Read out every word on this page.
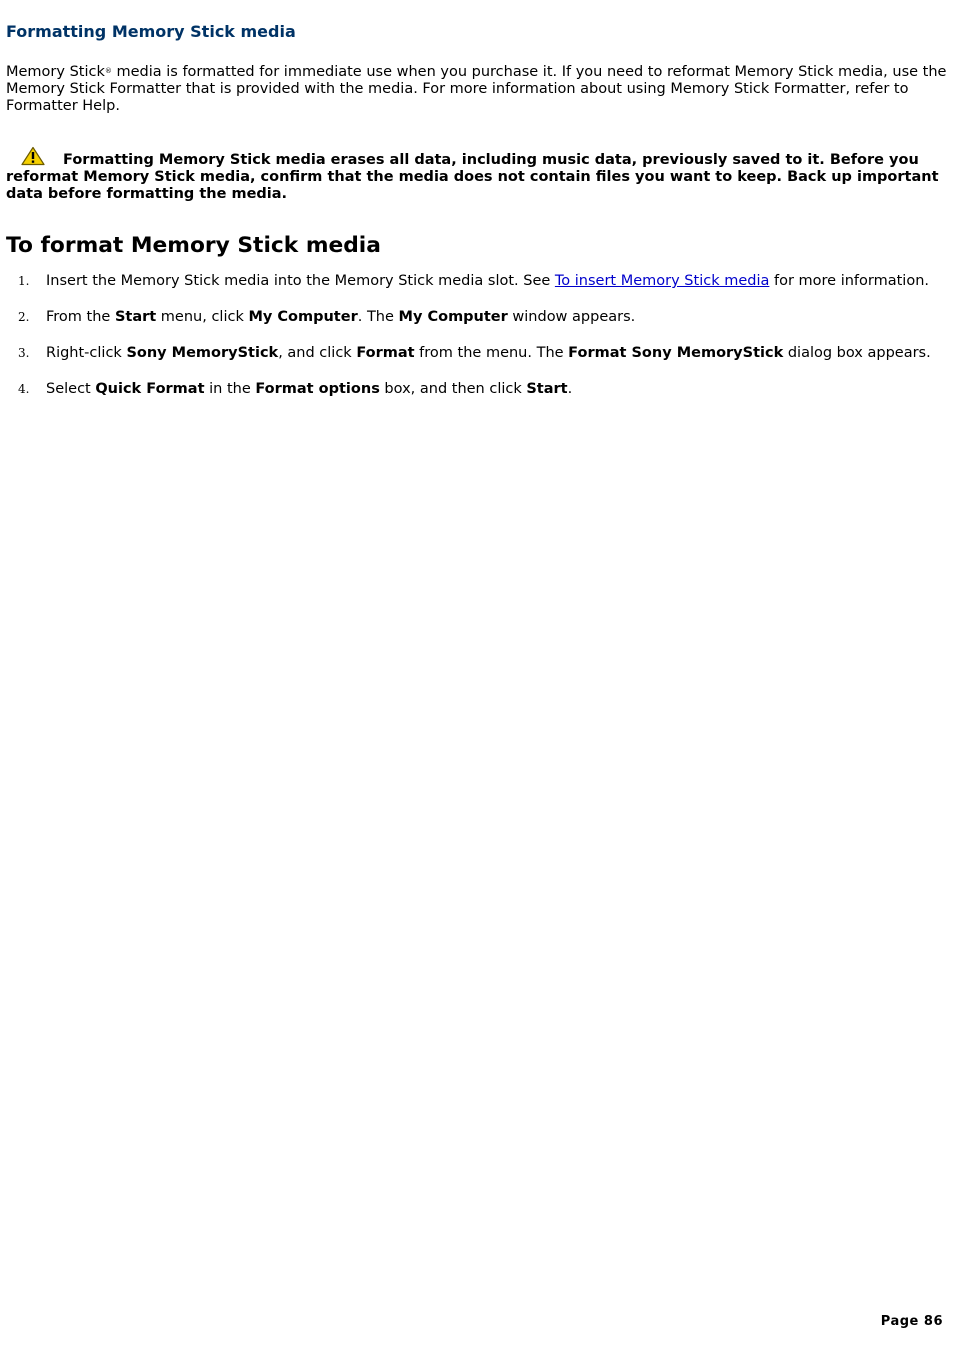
Formatting Memory Stick media

Memory Stick® media is formatted for immediate use when you purchase it. If you need to reformat Memory Stick media, use the Memory Stick Formatter that is provided with the media. For more information about using Memory Stick Formatter, refer to Formatter Help.

Formatting Memory Stick media erases all data, including music data, previously saved to it. Before you reformat Memory Stick media, confirm that the media does not contain files you want to keep. Back up important data before formatting the media.

To format Memory Stick media
1. Insert the Memory Stick media into the Memory Stick media slot. See To insert Memory Stick media for more information.
2. From the Start menu, click My Computer. The My Computer window appears.
3. Right-click Sony MemoryStick, and click Format from the menu. The Format Sony MemoryStick dialog box appears.
4. Select Quick Format in the Format options box, and then click Start.
Page 86
